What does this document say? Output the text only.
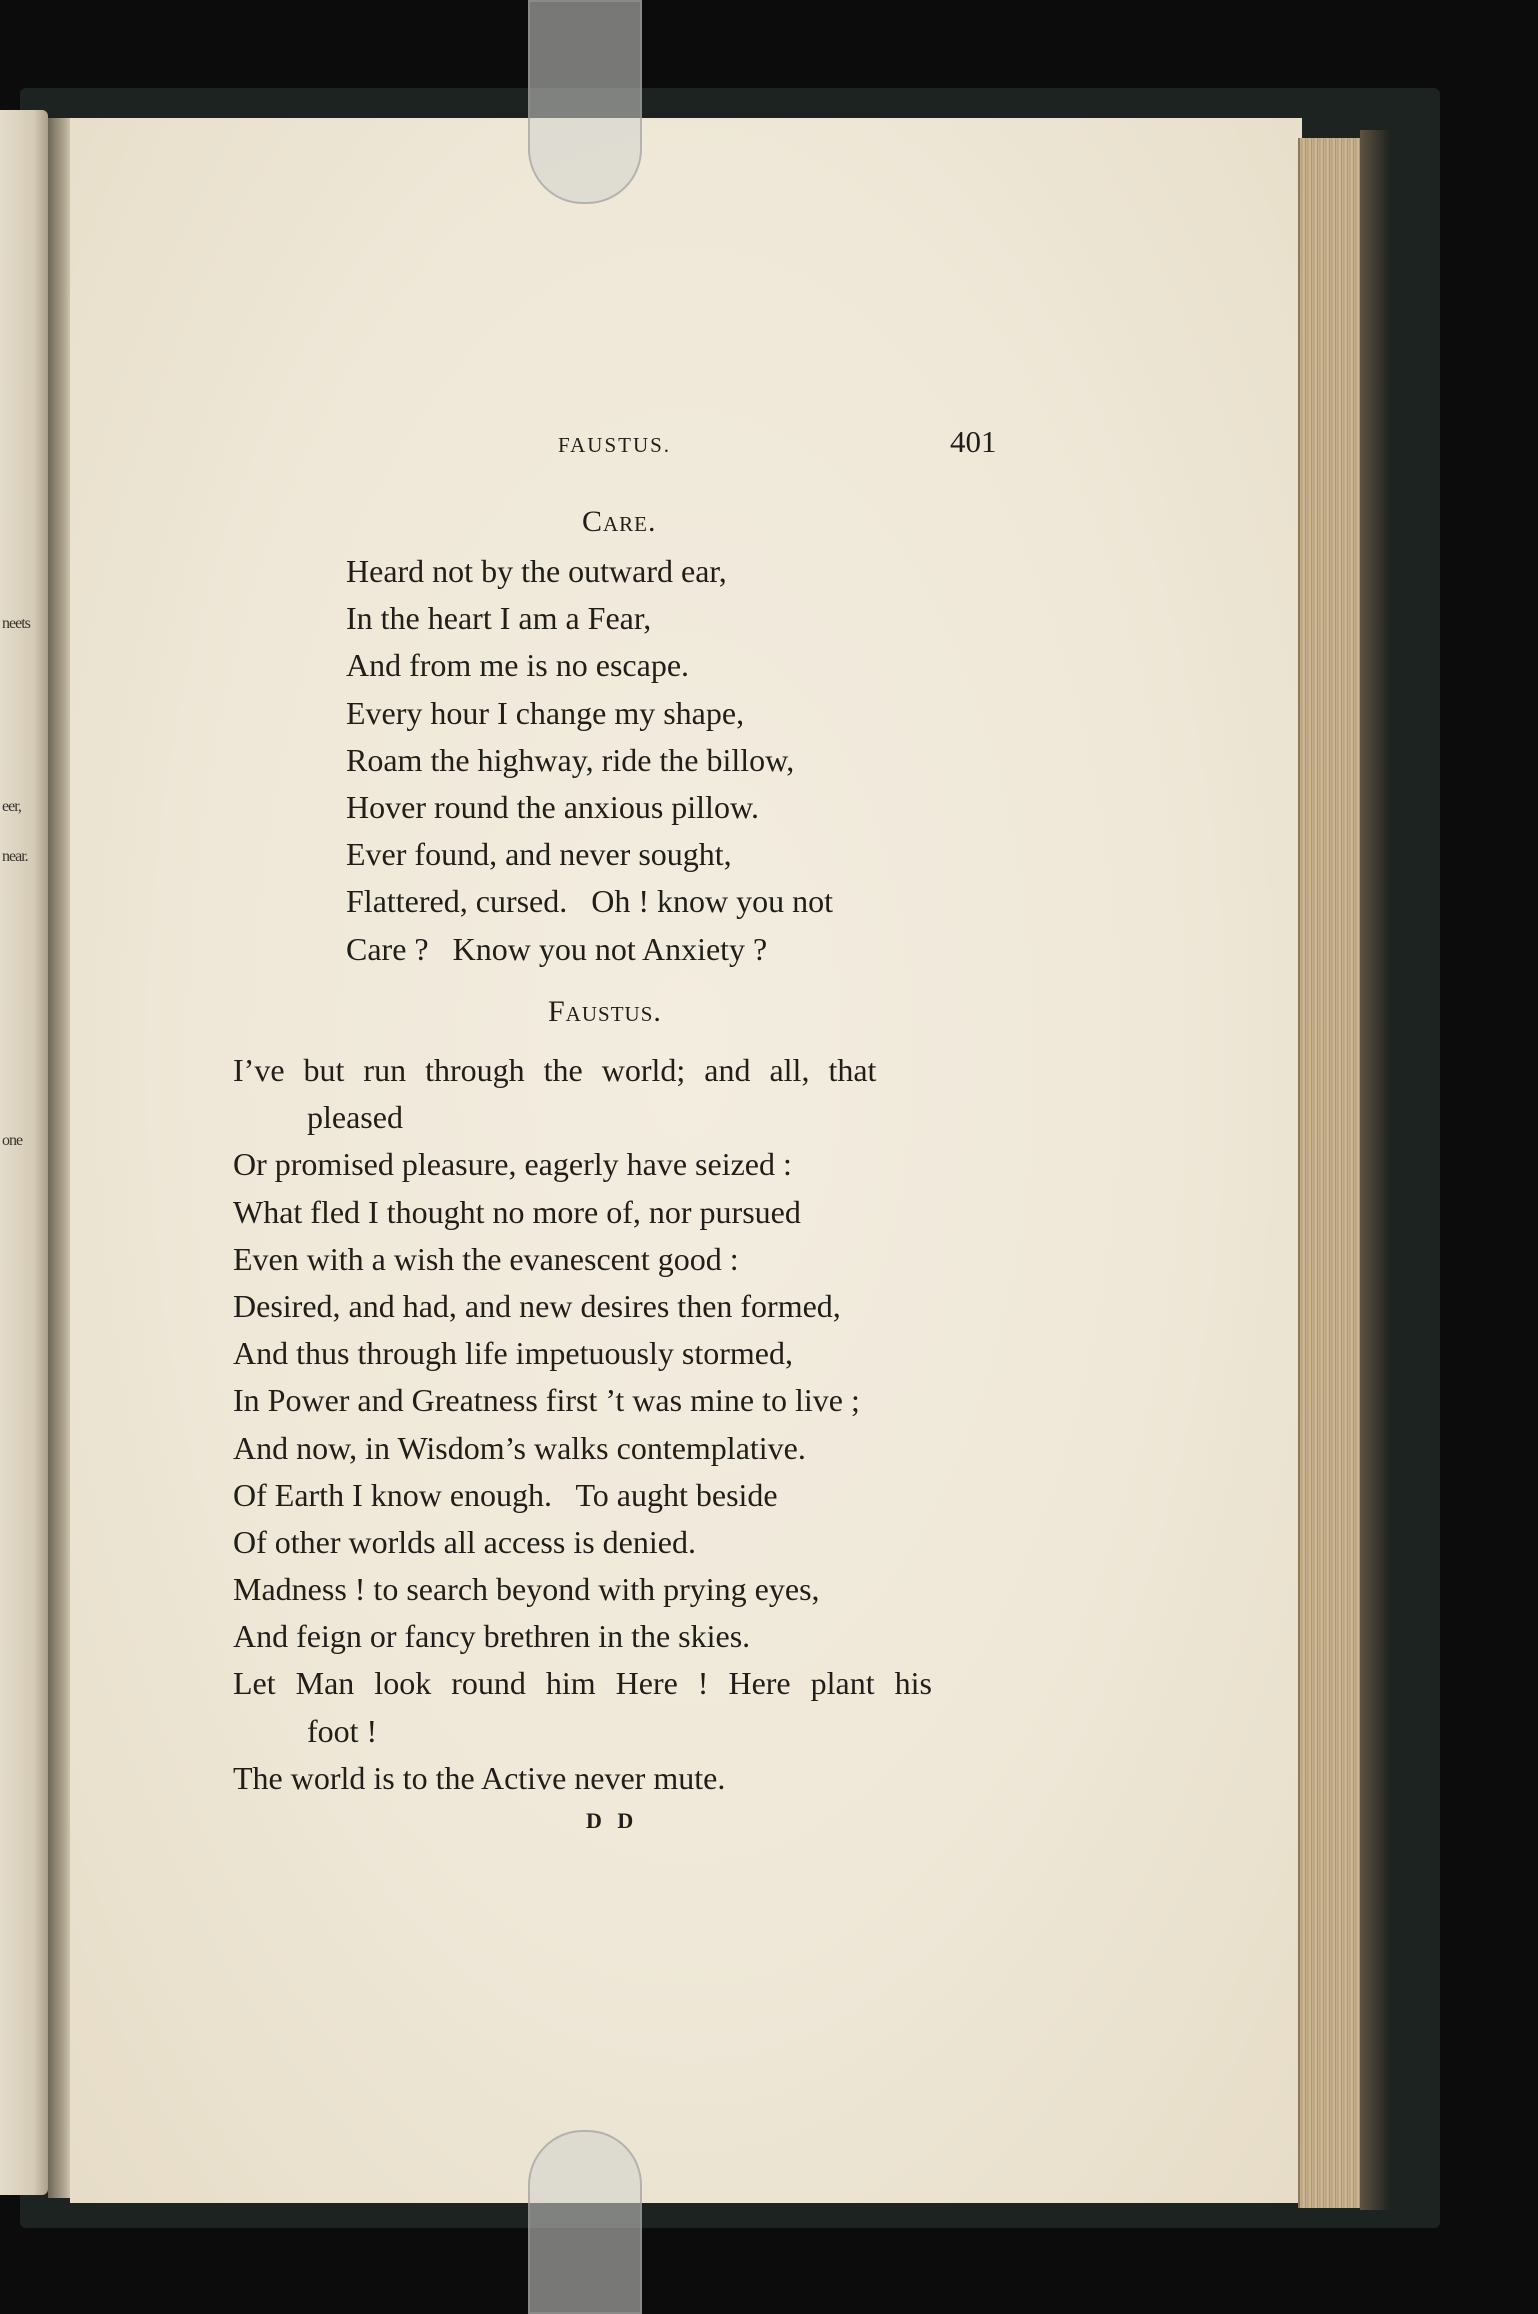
neets
eer,
near.
one
FAUSTUS.	401
Care.
Heard not by the outward ear,
In the heart I am a Fear,
And from me is no escape.
Every hour I change my shape,
Roam the highway, ride the billow,
Hover round the anxious pillow.
Ever found, and never sought,
Flattered, cursed.   Oh ! know you not
Care ?   Know you not Anxiety ?
Faustus.
I’ve but run through the world; and all, that
pleased
Or promised pleasure, eagerly have seized :
What fled I thought no more of, nor pursued
Even with a wish the evanescent good :
Desired, and had, and new desires then formed,
And thus through life impetuously stormed,
In Power and Greatness first ’t was mine to live ;
And now, in Wisdom’s walks contemplative.
Of Earth I know enough.   To aught beside
Of other worlds all access is denied.
Madness ! to search beyond with prying eyes,
And feign or fancy brethren in the skies.
Let Man look round him Here ! Here plant his
foot !
The world is to the Active never mute.
D D
